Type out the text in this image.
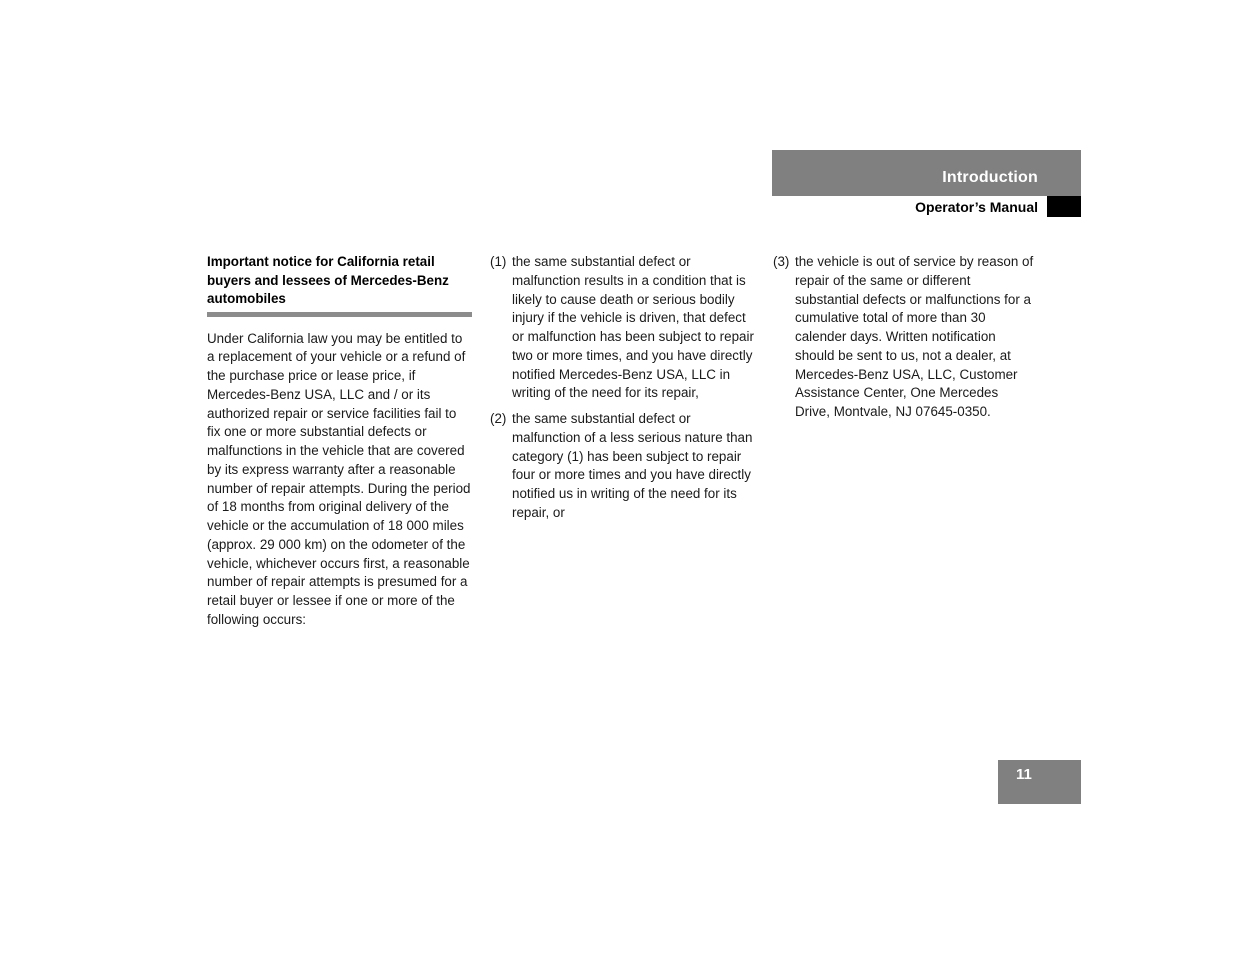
Introduction
Operator’s Manual
Important notice for California retail buyers and lessees of Mercedes-Benz automobiles

Under California law you may be entitled to a replacement of your vehicle or a refund of the purchase price or lease price, if Mercedes-Benz USA, LLC and / or its authorized repair or service facilities fail to fix one or more substantial defects or malfunctions in the vehicle that are covered by its express warranty after a reasonable number of repair attempts. During the period of 18 months from original delivery of the vehicle or the accumulation of 18 000 miles (approx. 29 000 km) on the odometer of the vehicle, whichever occurs first, a reasonable number of repair attempts is presumed for a retail buyer or lessee if one or more of the following occurs:

(1) the same substantial defect or malfunction results in a condition that is likely to cause death or serious bodily injury if the vehicle is driven, that defect or malfunction has been subject to repair two or more times, and you have directly notified Mercedes-Benz USA, LLC in writing of the need for its repair,
(2) the same substantial defect or malfunction of a less serious nature than category (1) has been subject to repair four or more times and you have directly notified us in writing of the need for its repair, or
(3) the vehicle is out of service by reason of repair of the same or different substantial defects or malfunctions for a cumulative total of more than 30 calender days. Written notification should be sent to us, not a dealer, at Mercedes-Benz USA, LLC, Customer Assistance Center, One Mercedes Drive, Montvale, NJ 07645-0350.
11
